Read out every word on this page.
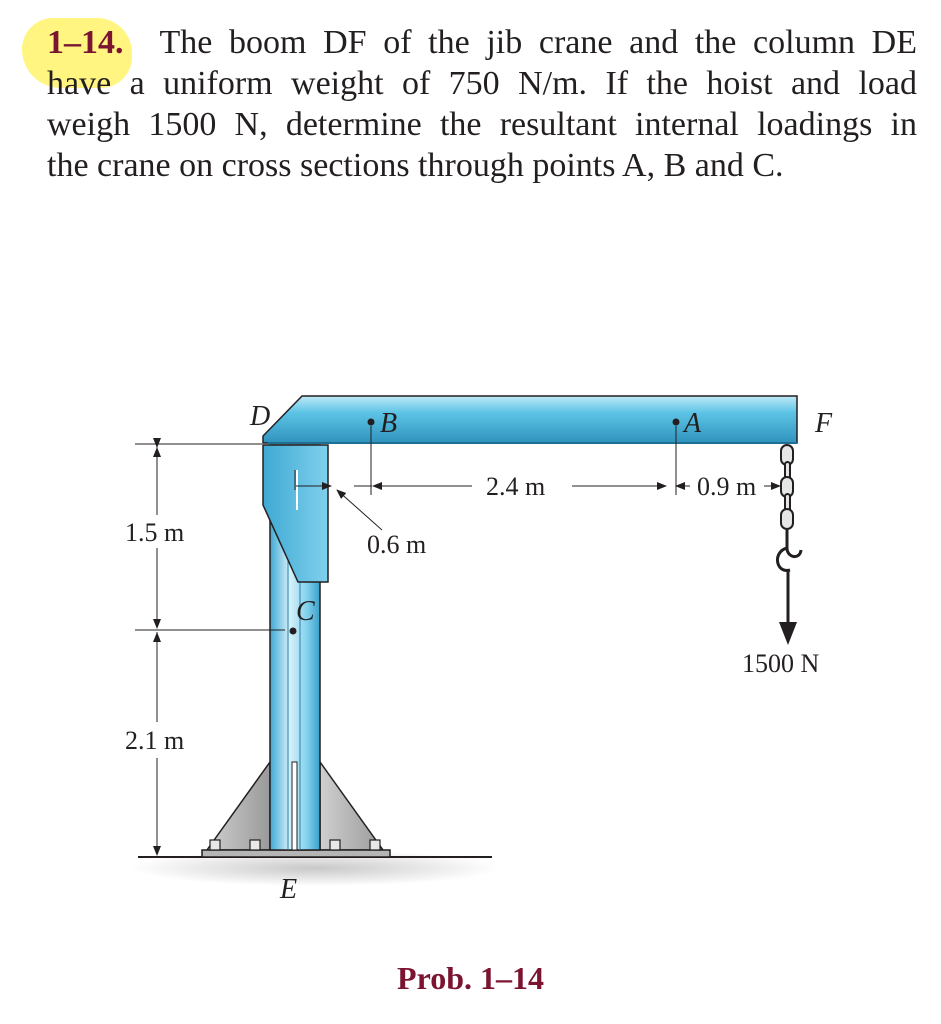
1–14. The boom DF of the jib crane and the column DE
have a uniform weight of 750 N/m. If the hoist and load
weigh 1500 N, determine the resultant internal loadings in
the crane on cross sections through points A, B and C.
D	B	A	F
C
E
1.5 m
2.1 m
2.4 m	0.9 m
0.6 m
1500 N
Prob. 1–14
